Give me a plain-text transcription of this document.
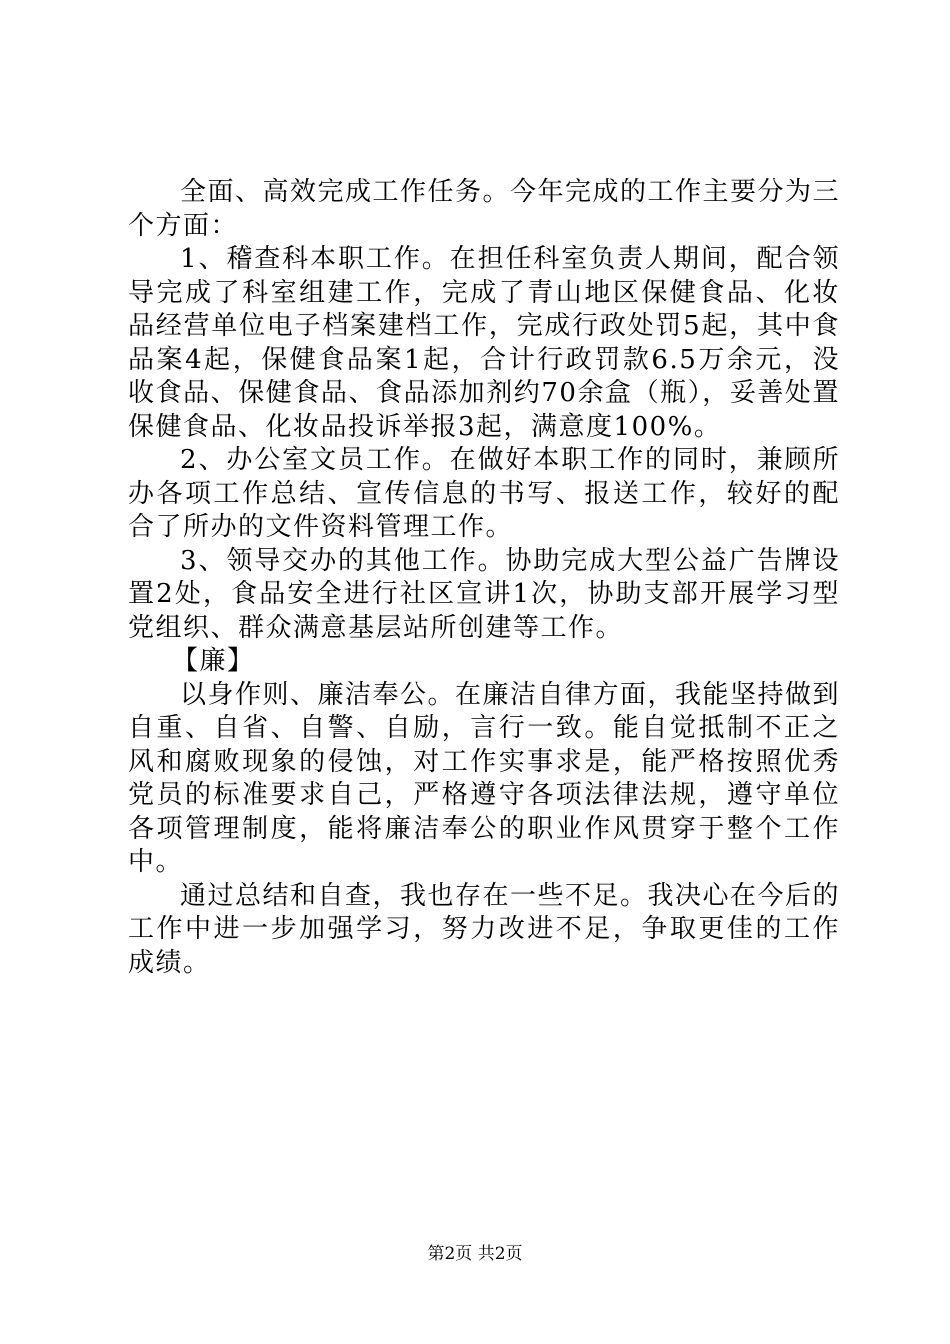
全面、高效完成工作任务。今年完成的工作主要分为三个方面：

1、稽查科本职工作。在担任科室负责人期间，配合领导完成了科室组建工作，完成了青山地区保健食品、化妆品经营单位电子档案建档工作，完成行政处罚5起，其中食品案4起，保健食品案1起，合计行政罚款6.5万余元，没收食品、保健食品、食品添加剂约70余盒（瓶），妥善处置保健食品、化妆品投诉举报3起，满意度100%。

2、办公室文员工作。在做好本职工作的同时，兼顾所办各项工作总结、宣传信息的书写、报送工作，较好的配合了所办的文件资料管理工作。

3、领导交办的其他工作。协助完成大型公益广告牌设置2处，食品安全进行社区宣讲1次，协助支部开展学习型党组织、群众满意基层站所创建等工作。

【廉】

以身作则、廉洁奉公。在廉洁自律方面，我能坚持做到自重、自省、自警、自励，言行一致。能自觉抵制不正之风和腐败现象的侵蚀，对工作实事求是，能严格按照优秀党员的标准要求自己，严格遵守各项法律法规，遵守单位各项管理制度，能将廉洁奉公的职业作风贯穿于整个工作中。

通过总结和自查，我也存在一些不足。我决心在今后的工作中进一步加强学习，努力改进不足，争取更佳的工作成绩。

第2页 共2页
